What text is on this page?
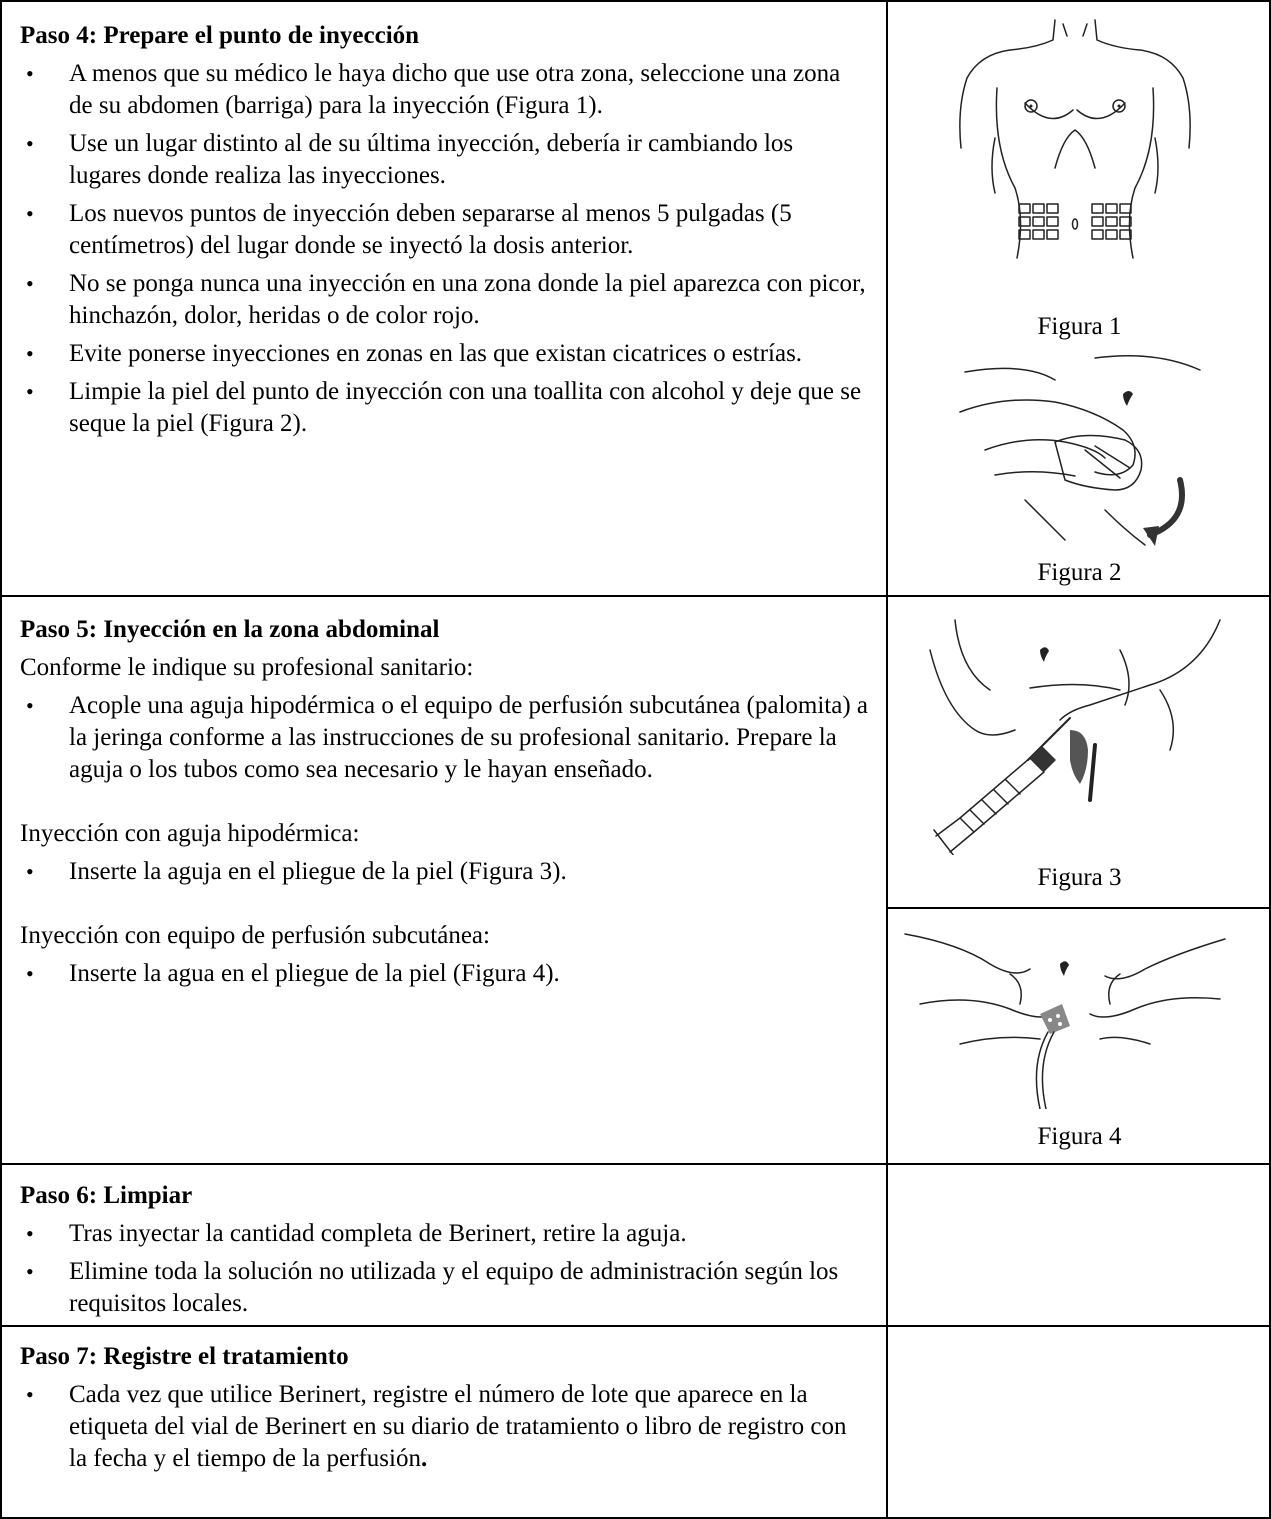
Paso 4: Prepare el punto de inyección
• A menos que su médico le haya dicho que use otra zona, seleccione una zona de su abdomen (barriga) para la inyección (Figura 1).
• Use un lugar distinto al de su última inyección, debería ir cambiando los lugares donde realiza las inyecciones.
• Los nuevos puntos de inyección deben separarse al menos 5 pulgadas (5 centímetros) del lugar donde se inyectó la dosis anterior.
• No se ponga nunca una inyección en una zona donde la piel aparezca con picor, hinchazón, dolor, heridas o de color rojo.
• Evite ponerse inyecciones en zonas en las que existan cicatrices o estrías.
• Limpie la piel del punto de inyección con una toallita con alcohol y deje que se seque la piel (Figura 2).
Figura 1
Figura 2
Paso 5: Inyección en la zona abdominal
Conforme le indique su profesional sanitario:
• Acople una aguja hipodérmica o el equipo de perfusión subcutánea (palomita) a la jeringa conforme a las instrucciones de su profesional sanitario. Prepare la aguja o los tubos como sea necesario y le hayan enseñado.
Inyección con aguja hipodérmica:
• Inserte la aguja en el pliegue de la piel (Figura 3).
Inyección con equipo de perfusión subcutánea:
• Inserte la agua en el pliegue de la piel (Figura 4).
Figura 3
Figura 4
Paso 6: Limpiar
• Tras inyectar la cantidad completa de Berinert, retire la aguja.
• Elimine toda la solución no utilizada y el equipo de administración según los requisitos locales.
Paso 7: Registre el tratamiento
• Cada vez que utilice Berinert, registre el número de lote que aparece en la etiqueta del vial de Berinert en su diario de tratamiento o libro de registro con la fecha y el tiempo de la perfusión.
